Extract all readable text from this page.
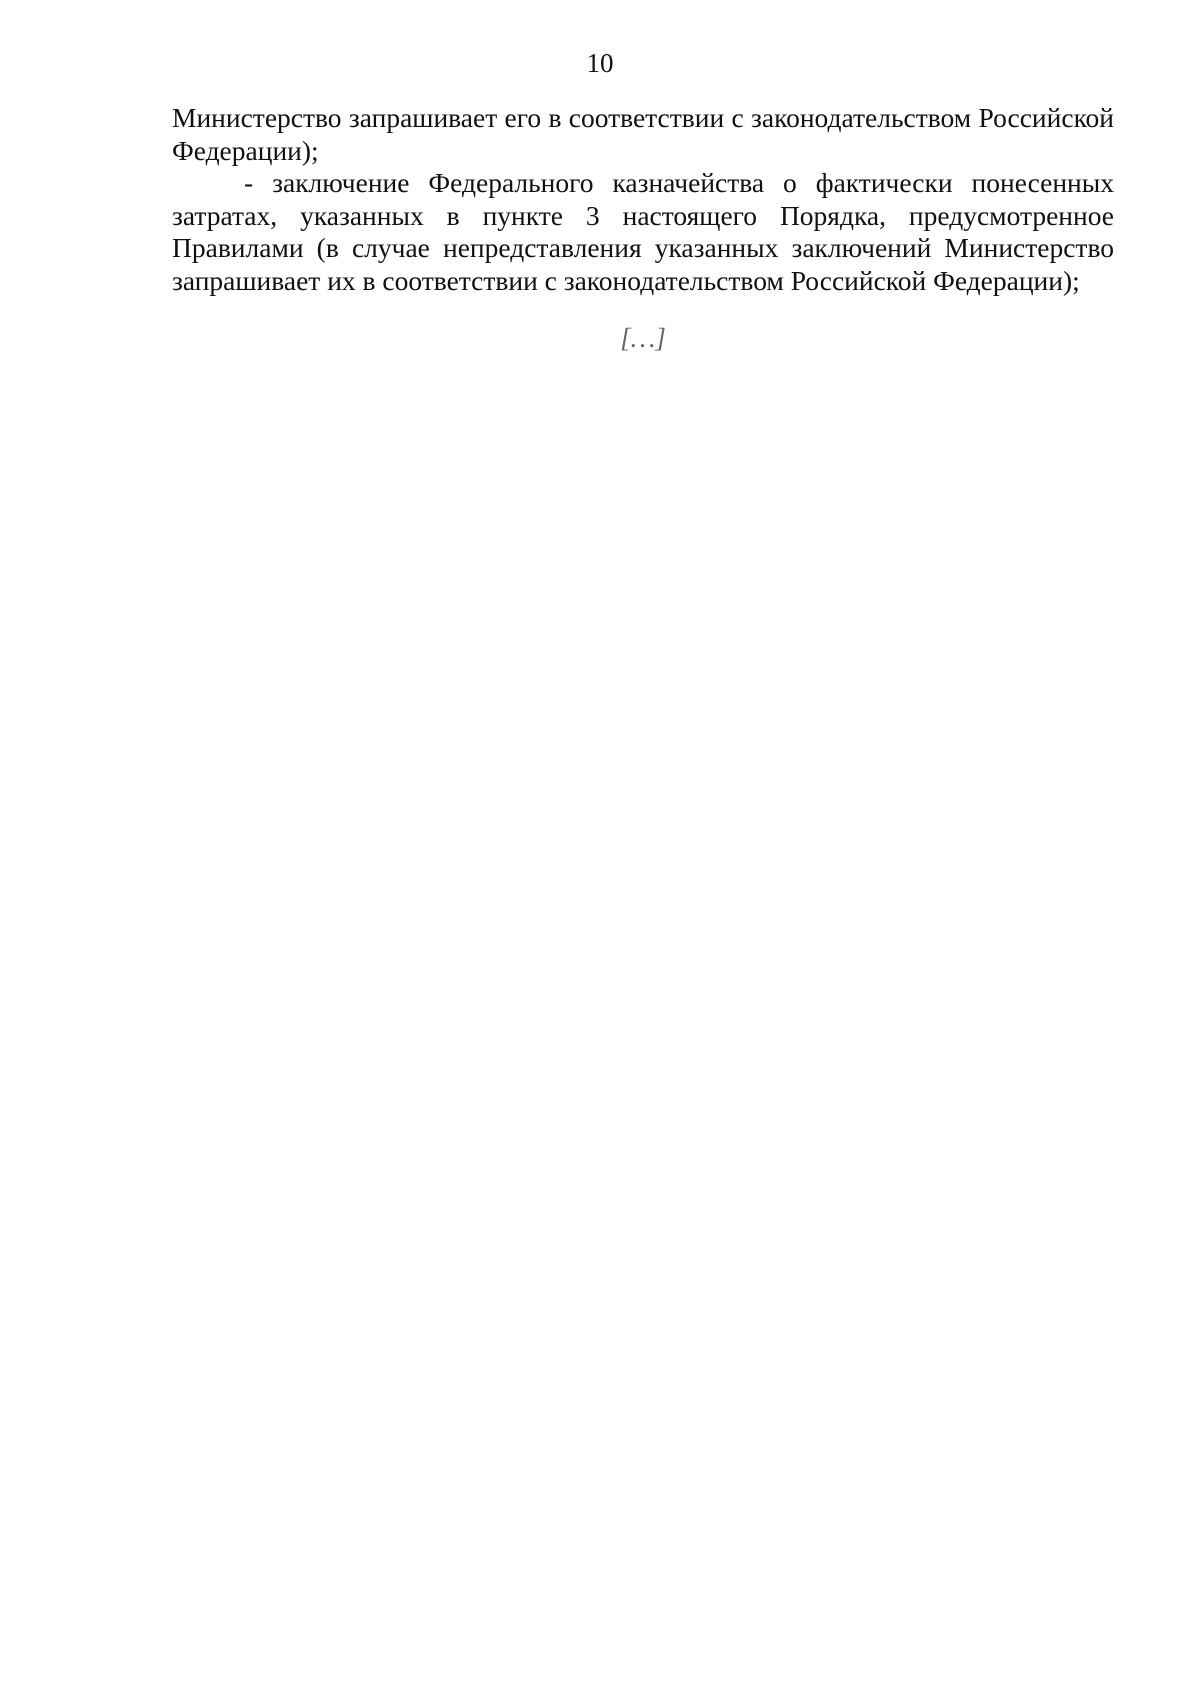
10

Министерство запрашивает его в соответствии с законодательством Российской Федерации);

- заключение Федерального казначейства о фактически понесенных затратах, указанных в пункте 3 настоящего Порядка, предусмотренное Правилами (в случае непредставления указанных заключений Министерство запрашивает их в соответствии с законодательством Российской Федерации);

[…]
